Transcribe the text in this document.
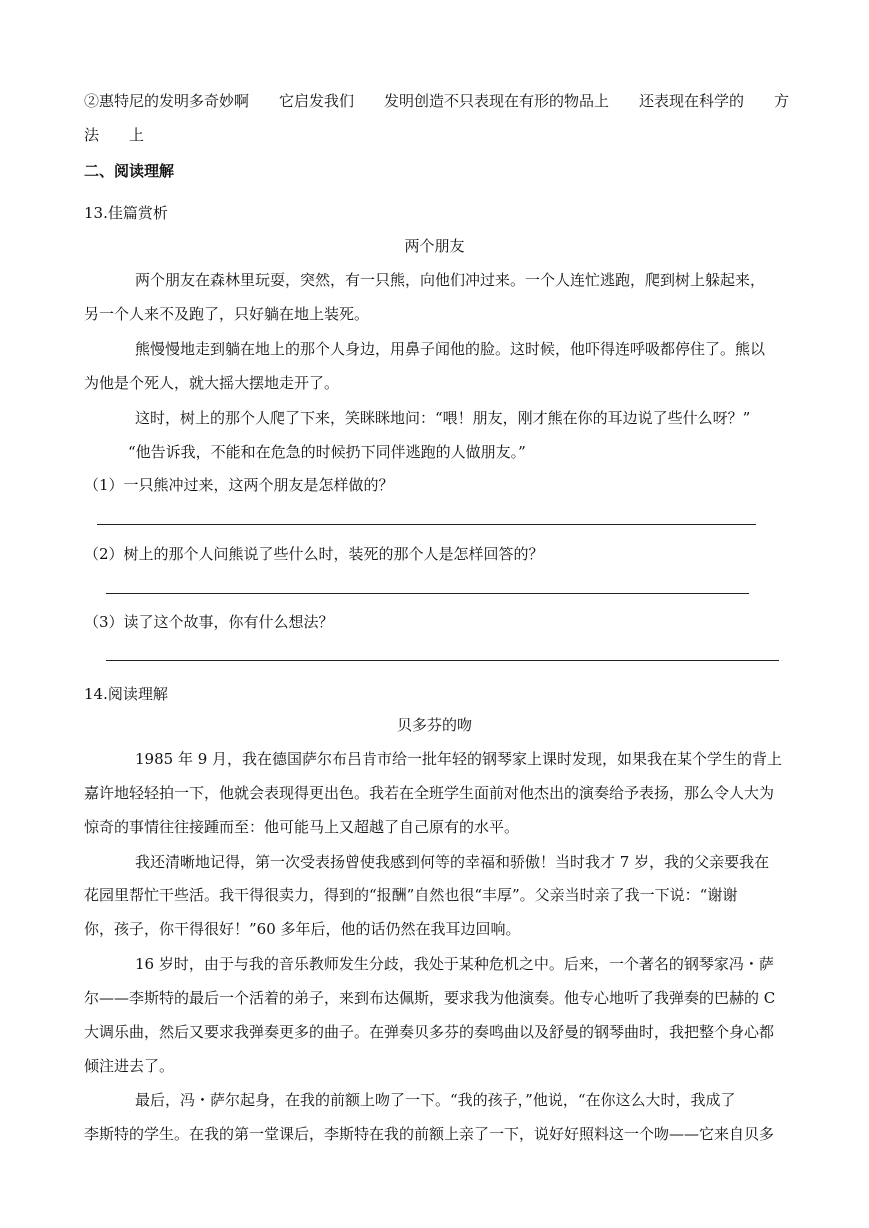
②惠特尼的发明多奇妙啊　　它启发我们　　发明创造不只表现在有形的物品上　　还表现在科学的　　方
法　　上
二、阅读理解
13.佳篇赏析
两个朋友
两个朋友在森林里玩耍，突然，有一只熊，向他们冲过来。一个人连忙逃跑，爬到树上躲起来，
另一个人来不及跑了，只好躺在地上装死。
熊慢慢地走到躺在地上的那个人身边，用鼻子闻他的脸。这时候，他吓得连呼吸都停住了。熊以
为他是个死人，就大摇大摆地走开了。
这时，树上的那个人爬了下来，笑眯眯地问：“喂！朋友，刚才熊在你的耳边说了些什么呀？”
“他告诉我，不能和在危急的时候扔下同伴逃跑的人做朋友。”
（1）一只熊冲过来，这两个朋友是怎样做的？
（2）树上的那个人问熊说了些什么时，装死的那个人是怎样回答的？
（3）读了这个故事，你有什么想法？
14.阅读理解
贝多芬的吻
1985 年 9 月，我在德国萨尔布吕肯市给一批年轻的钢琴家上课时发现，如果我在某个学生的背上
嘉许地轻轻拍一下，他就会表现得更出色。我若在全班学生面前对他杰出的演奏给予表扬，那么令人大为
惊奇的事情往往接踵而至：他可能马上又超越了自己原有的水平。
我还清晰地记得，第一次受表扬曾使我感到何等的幸福和骄傲！当时我才 7 岁，我的父亲要我在
花园里帮忙干些活。我干得很卖力，得到的“报酬”自然也很“丰厚”。父亲当时亲了我一下说：“谢谢
你，孩子，你干得很好！”60 多年后，他的话仍然在我耳边回响。
16 岁时，由于与我的音乐教师发生分歧，我处于某种危机之中。后来，一个著名的钢琴家冯・萨
尔——李斯特的最后一个活着的弟子，来到布达佩斯，要求我为他演奏。他专心地听了我弹奏的巴赫的 C
大调乐曲，然后又要求我弹奏更多的曲子。在弹奏贝多芬的奏鸣曲以及舒曼的钢琴曲时，我把整个身心都
倾注进去了。
最后，冯・萨尔起身，在我的前额上吻了一下。“我的孩子，”他说，“在你这么大时，我成了
李斯特的学生。在我的第一堂课后，李斯特在我的前额上亲了一下，说好好照料这一个吻——它来自贝多
